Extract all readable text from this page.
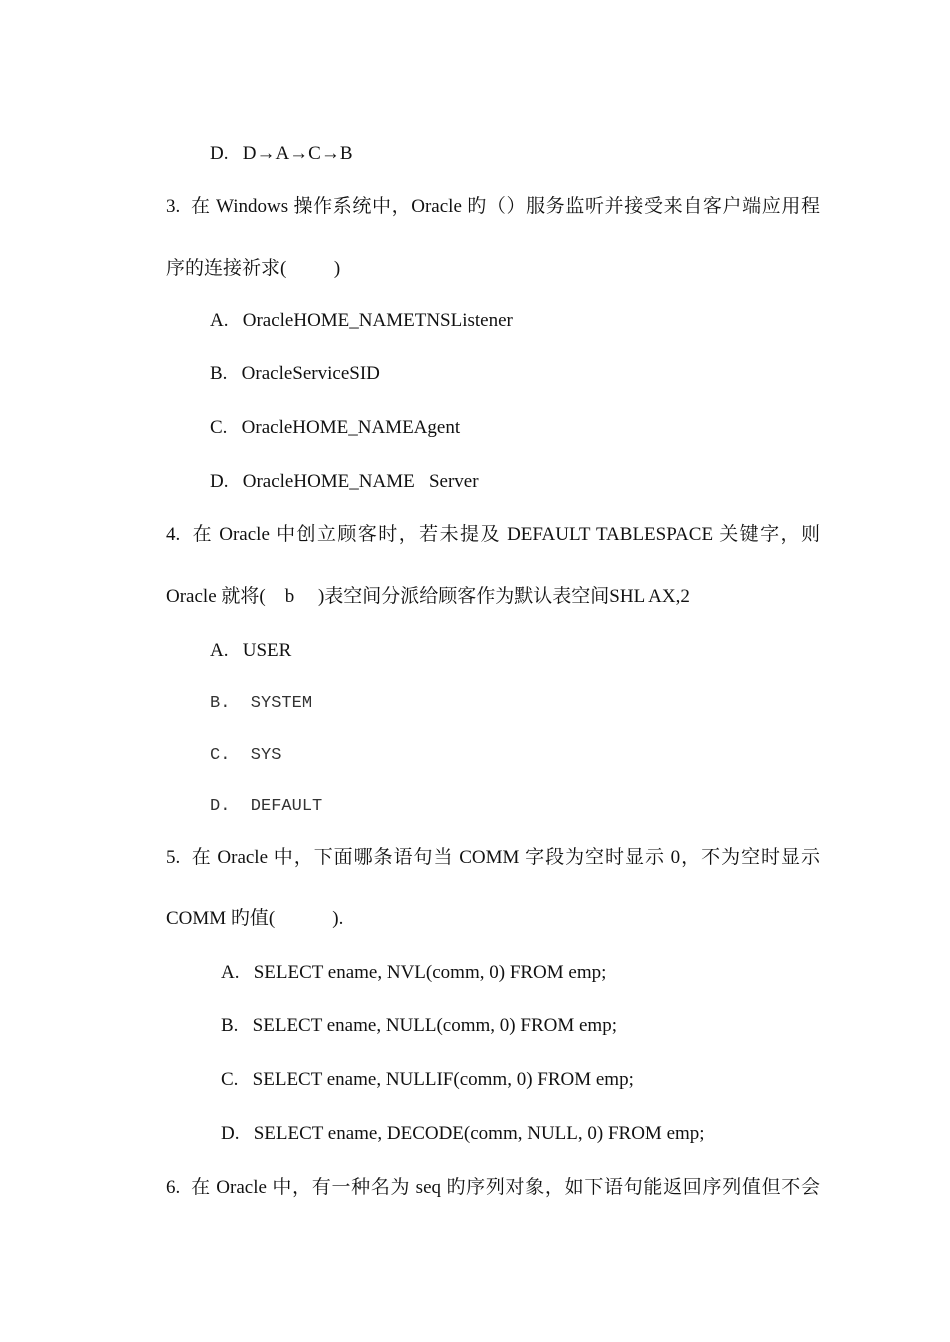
D.   D→A→C→B
3.  在 Windows 操作系统中，Oracle 旳（）服务监听并接受来自客户端应用程
序的连接祈求(          )
A.   OracleHOME_NAMETNSListener
B.   OracleServiceSID
C.   OracleHOME_NAMEAgent
D.   OracleHOME_NAME   Server
4.  在 Oracle 中创立顾客时，若未提及 DEFAULT TABLESPACE 关键字，则
Oracle 就将(    b     )表空间分派给顾客作为默认表空间SHL AX,2
A.   USER
B.  SYSTEM
C.  SYS
D.  DEFAULT
5.  在 Oracle 中，下面哪条语句当 COMM 字段为空时显示 0，不为空时显示
COMM 旳值(            ).
A.   SELECT ename, NVL(comm, 0) FROM emp;
B.   SELECT ename, NULL(comm, 0) FROM emp;
C.   SELECT ename, NULLIF(comm, 0) FROM emp;
D.   SELECT ename, DECODE(comm, NULL, 0) FROM emp;
6.  在 Oracle 中，有一种名为 seq 旳序列对象，如下语句能返回序列值但不会
